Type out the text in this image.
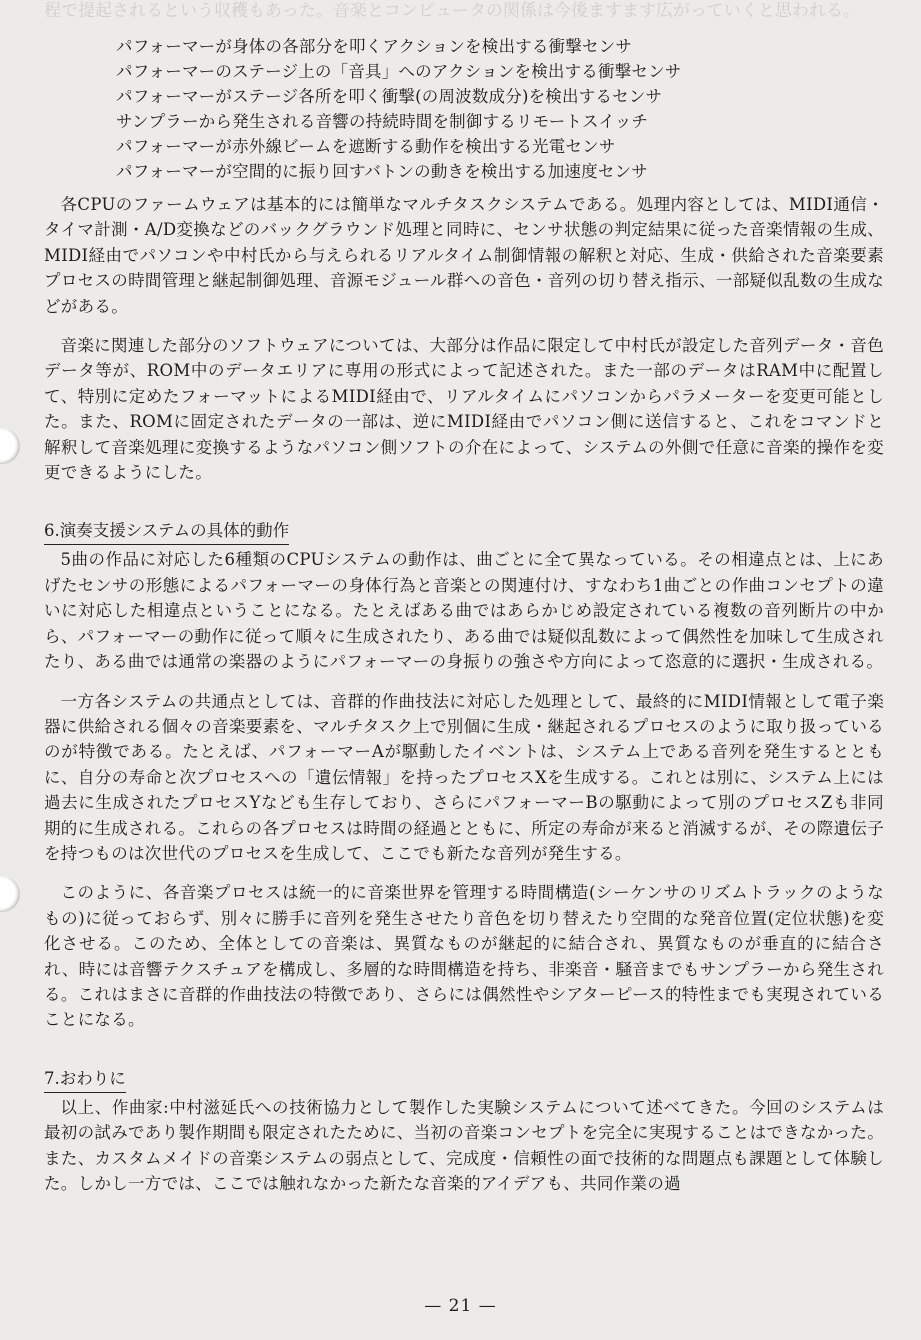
程で提起されるという収穫もあった。音楽とコンピュータの関係は今後ますます広がっていくと思われる。
パフォーマーが身体の各部分を叩くアクションを検出する衝撃センサ
パフォーマーのステージ上の「音具」へのアクションを検出する衝撃センサ
パフォーマーがステージ各所を叩く衝撃(の周波数成分)を検出するセンサ
サンプラーから発生される音響の持続時間を制御するリモートスイッチ
パフォーマーが赤外線ビームを遮断する動作を検出する光電センサ
パフォーマーが空間的に振り回すバトンの動きを検出する加速度センサ

各CPUのファームウェアは基本的には簡単なマルチタスクシステムである。処理内容としては、MIDI通信・タイマ計測・A/D変換などのバックグラウンド処理と同時に、センサ状態の判定結果に従った音楽情報の生成、MIDI経由でパソコンや中村氏から与えられるリアルタイム制御情報の解釈と対応、生成・供給された音楽要素プロセスの時間管理と継起制御処理、音源モジュール群への音色・音列の切り替え指示、一部疑似乱数の生成などがある。

音楽に関連した部分のソフトウェアについては、大部分は作品に限定して中村氏が設定した音列データ・音色データ等が、ROM中のデータエリアに専用の形式によって記述された。また一部のデータはRAM中に配置して、特別に定めたフォーマットによるMIDI経由で、リアルタイムにパソコンからパラメーターを変更可能とした。また、ROMに固定されたデータの一部は、逆にMIDI経由でパソコン側に送信すると、これをコマンドと解釈して音楽処理に変換するようなパソコン側ソフトの介在によって、システムの外側で任意に音楽的操作を変更できるようにした。

6.演奏支援システムの具体的動作

5曲の作品に対応した6種類のCPUシステムの動作は、曲ごとに全て異なっている。その相違点とは、上にあげたセンサの形態によるパフォーマーの身体行為と音楽との関連付け、すなわち1曲ごとの作曲コンセプトの違いに対応した相違点ということになる。たとえばある曲ではあらかじめ設定されている複数の音列断片の中から、パフォーマーの動作に従って順々に生成されたり、ある曲では疑似乱数によって偶然性を加味して生成されたり、ある曲では通常の楽器のようにパフォーマーの身振りの強さや方向によって恣意的に選択・生成される。

一方各システムの共通点としては、音群的作曲技法に対応した処理として、最終的にMIDI情報として電子楽器に供給される個々の音楽要素を、マルチタスク上で別個に生成・継起されるプロセスのように取り扱っているのが特徴である。たとえば、パフォーマーAが駆動したイベントは、システム上である音列を発生するとともに、自分の寿命と次プロセスへの「遺伝情報」を持ったプロセスXを生成する。これとは別に、システム上には過去に生成されたプロセスYなども生存しており、さらにパフォーマーBの駆動によって別のプロセスZも非同期的に生成される。これらの各プロセスは時間の経過とともに、所定の寿命が来ると消滅するが、その際遺伝子を持つものは次世代のプロセスを生成して、ここでも新たな音列が発生する。

このように、各音楽プロセスは統一的に音楽世界を管理する時間構造(シーケンサのリズムトラックのようなもの)に従っておらず、別々に勝手に音列を発生させたり音色を切り替えたり空間的な発音位置(定位状態)を変化させる。このため、全体としての音楽は、異質なものが継起的に結合され、異質なものが垂直的に結合され、時には音響テクスチュアを構成し、多層的な時間構造を持ち、非楽音・騒音までもサンプラーから発生される。これはまさに音群的作曲技法の特徴であり、さらには偶然性やシアターピース的特性までも実現されていることになる。

7.おわりに

以上、作曲家:中村滋延氏への技術協力として製作した実験システムについて述べてきた。今回のシステムは最初の試みであり製作期間も限定されたために、当初の音楽コンセプトを完全に実現することはできなかった。また、カスタムメイドの音楽システムの弱点として、完成度・信頼性の面で技術的な問題点も課題として体験した。しかし一方では、ここでは触れなかった新たな音楽的アイデアも、共同作業の過

— 21 —
